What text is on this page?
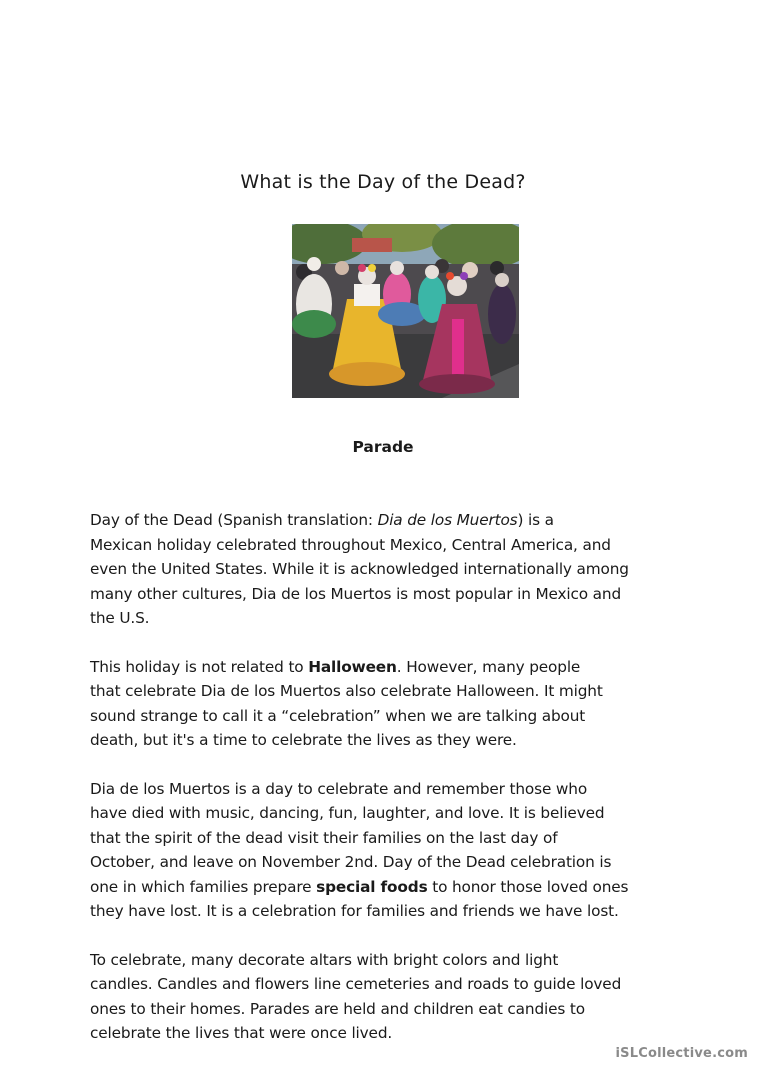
What is the Day of the Dead?
Parade

Day of the Dead (Spanish translation: Dia de los Muertos) is a
Mexican holiday celebrated throughout Mexico, Central America, and
even the United States. While it is acknowledged internationally among
many other cultures, Dia de los Muertos is most popular in Mexico and
the U.S.

This holiday is not related to Halloween. However, many people
that celebrate Dia de los Muertos also celebrate Halloween. It might
sound strange to call it a “celebration” when we are talking about
death, but it's a time to celebrate the lives as they were.

Dia de los Muertos is a day to celebrate and remember those who
have died with music, dancing, fun, laughter, and love. It is believed
that the spirit of the dead visit their families on the last day of
October, and leave on November 2nd. Day of the Dead celebration is
one in which families prepare special foods to honor those loved ones
they have lost. It is a celebration for families and friends we have lost.

To celebrate, many decorate altars with bright colors and light
candles. Candles and flowers line cemeteries and roads to guide loved
ones to their homes. Parades are held and children eat candies to
celebrate the lives that were once lived.

iSLCollective.com
